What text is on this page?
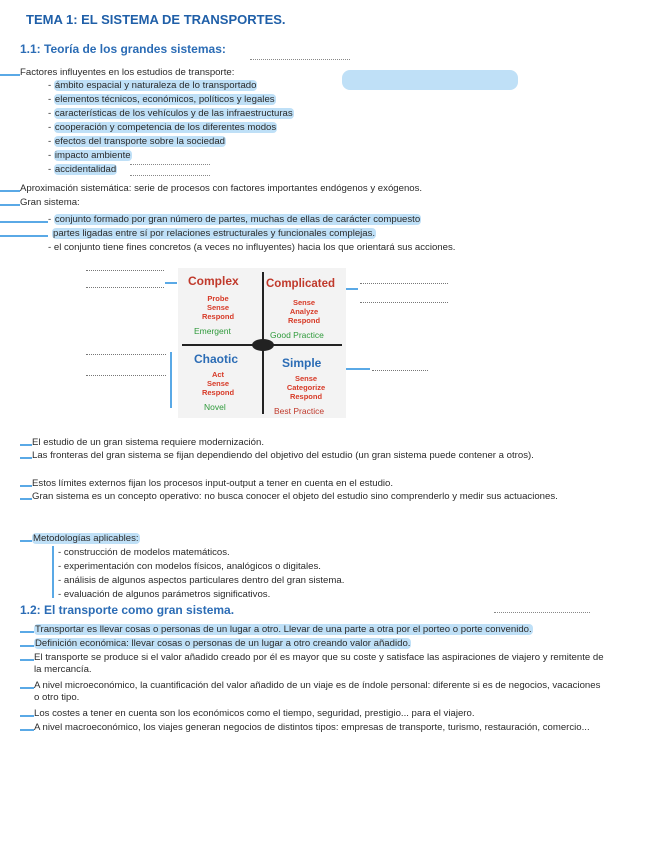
TEMA 1: EL SISTEMA DE TRANSPORTES.
1.1: Teoría de los grandes sistemas:
Factores influyentes en los estudios de transporte:
- ámbito espacial y naturaleza de lo transportado
- elementos técnicos, económicos, políticos y legales
- características de los vehículos y de las infraestructuras
- cooperación y competencia de los diferentes modos
- efectos del transporte sobre la sociedad
- impacto ambiente
- accidentalidad
Aproximación sistemática: serie de procesos con factores importantes endógenos y exógenos.
Gran sistema:
- conjunto formado por gran número de partes, muchas de ellas de carácter compuesto
partes ligadas entre sí por relaciones estructurales y funcionales complejas.
- el conjunto tiene fines concretos (a veces no influyentes) hacia los que orientará sus acciones.
Complex
Probe
Sense
Respond
Emergent
Complicated
Sense
Analyze
Respond
Good Practice
Chaotic
Act
Sense
Respond
Novel
Simple
Sense
Categorize
Respond
Best Practice
El estudio de un gran sistema requiere modernización.
Las fronteras del gran sistema se fijan dependiendo del objetivo del estudio (un gran sistema puede contener a otros).
Estos límites externos fijan los procesos input-output a tener en cuenta en el estudio.
Gran sistema es un concepto operativo: no busca conocer el objeto del estudio sino comprenderlo y medir sus actuaciones.
Metodologías aplicables:
- construcción de modelos matemáticos.
- experimentación con modelos físicos, analógicos o digitales.
- análisis de algunos aspectos particulares dentro del gran sistema.
- evaluación de algunos parámetros significativos.
1.2: El transporte como gran sistema.
Transportar es llevar cosas o personas de un lugar a otro. Llevar de una parte a otra por el porteo o porte convenido.
Definición económica: llevar cosas o personas de un lugar a otro creando valor añadido.
El transporte se produce si el valor añadido creado por él es mayor que su coste y satisface las aspiraciones de viajero y remitente de la mercancía.
A nivel microeconómico, la cuantificación del valor añadido de un viaje es de índole personal: diferente si es de negocios, vacaciones o otro tipo.
Los costes a tener en cuenta son los económicos como el tiempo, seguridad, prestigio... para el viajero.
A nivel macroeconómico, los viajes generan negocios de distintos tipos: empresas de transporte, turismo, restauración, comercio...
